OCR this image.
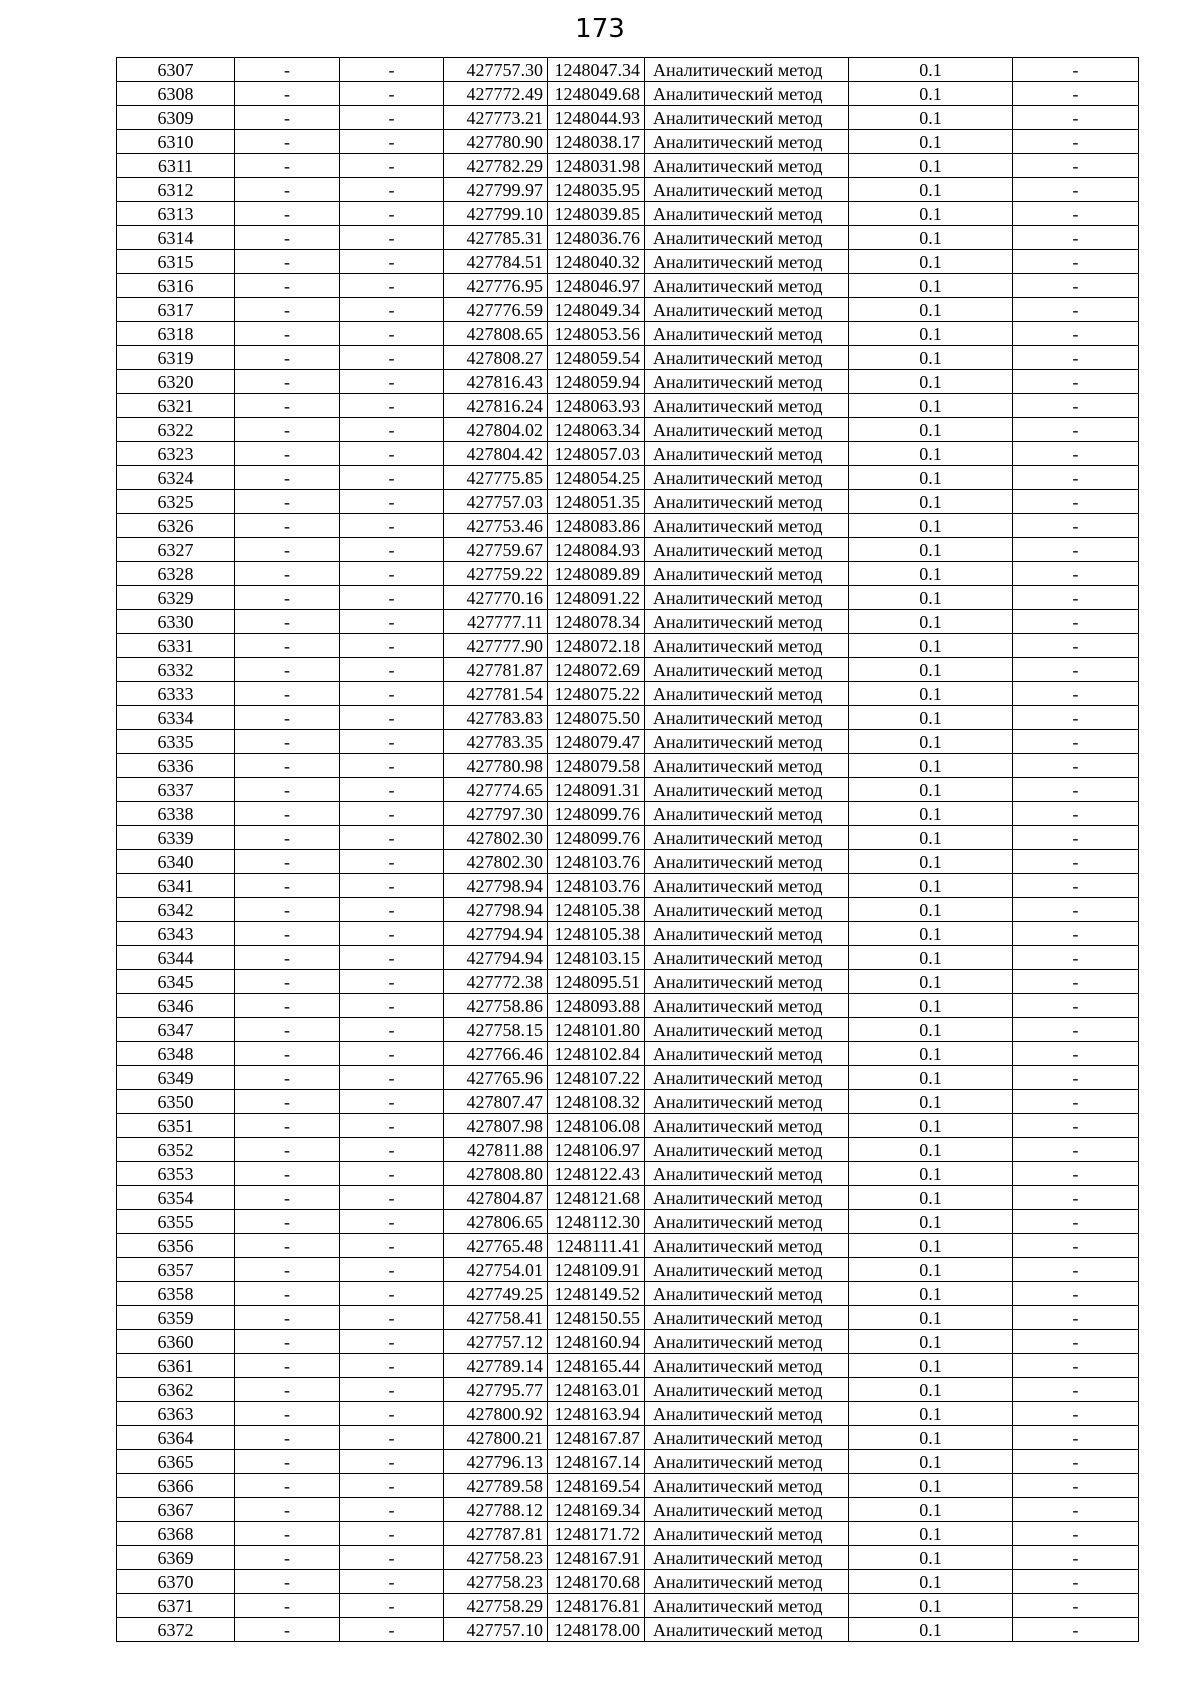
173
6307	-	-	427757.30	1248047.34	Аналитический метод	0.1	-
6308	-	-	427772.49	1248049.68	Аналитический метод	0.1	-
6309	-	-	427773.21	1248044.93	Аналитический метод	0.1	-
6310	-	-	427780.90	1248038.17	Аналитический метод	0.1	-
6311	-	-	427782.29	1248031.98	Аналитический метод	0.1	-
6312	-	-	427799.97	1248035.95	Аналитический метод	0.1	-
6313	-	-	427799.10	1248039.85	Аналитический метод	0.1	-
6314	-	-	427785.31	1248036.76	Аналитический метод	0.1	-
6315	-	-	427784.51	1248040.32	Аналитический метод	0.1	-
6316	-	-	427776.95	1248046.97	Аналитический метод	0.1	-
6317	-	-	427776.59	1248049.34	Аналитический метод	0.1	-
6318	-	-	427808.65	1248053.56	Аналитический метод	0.1	-
6319	-	-	427808.27	1248059.54	Аналитический метод	0.1	-
6320	-	-	427816.43	1248059.94	Аналитический метод	0.1	-
6321	-	-	427816.24	1248063.93	Аналитический метод	0.1	-
6322	-	-	427804.02	1248063.34	Аналитический метод	0.1	-
6323	-	-	427804.42	1248057.03	Аналитический метод	0.1	-
6324	-	-	427775.85	1248054.25	Аналитический метод	0.1	-
6325	-	-	427757.03	1248051.35	Аналитический метод	0.1	-
6326	-	-	427753.46	1248083.86	Аналитический метод	0.1	-
6327	-	-	427759.67	1248084.93	Аналитический метод	0.1	-
6328	-	-	427759.22	1248089.89	Аналитический метод	0.1	-
6329	-	-	427770.16	1248091.22	Аналитический метод	0.1	-
6330	-	-	427777.11	1248078.34	Аналитический метод	0.1	-
6331	-	-	427777.90	1248072.18	Аналитический метод	0.1	-
6332	-	-	427781.87	1248072.69	Аналитический метод	0.1	-
6333	-	-	427781.54	1248075.22	Аналитический метод	0.1	-
6334	-	-	427783.83	1248075.50	Аналитический метод	0.1	-
6335	-	-	427783.35	1248079.47	Аналитический метод	0.1	-
6336	-	-	427780.98	1248079.58	Аналитический метод	0.1	-
6337	-	-	427774.65	1248091.31	Аналитический метод	0.1	-
6338	-	-	427797.30	1248099.76	Аналитический метод	0.1	-
6339	-	-	427802.30	1248099.76	Аналитический метод	0.1	-
6340	-	-	427802.30	1248103.76	Аналитический метод	0.1	-
6341	-	-	427798.94	1248103.76	Аналитический метод	0.1	-
6342	-	-	427798.94	1248105.38	Аналитический метод	0.1	-
6343	-	-	427794.94	1248105.38	Аналитический метод	0.1	-
6344	-	-	427794.94	1248103.15	Аналитический метод	0.1	-
6345	-	-	427772.38	1248095.51	Аналитический метод	0.1	-
6346	-	-	427758.86	1248093.88	Аналитический метод	0.1	-
6347	-	-	427758.15	1248101.80	Аналитический метод	0.1	-
6348	-	-	427766.46	1248102.84	Аналитический метод	0.1	-
6349	-	-	427765.96	1248107.22	Аналитический метод	0.1	-
6350	-	-	427807.47	1248108.32	Аналитический метод	0.1	-
6351	-	-	427807.98	1248106.08	Аналитический метод	0.1	-
6352	-	-	427811.88	1248106.97	Аналитический метод	0.1	-
6353	-	-	427808.80	1248122.43	Аналитический метод	0.1	-
6354	-	-	427804.87	1248121.68	Аналитический метод	0.1	-
6355	-	-	427806.65	1248112.30	Аналитический метод	0.1	-
6356	-	-	427765.48	1248111.41	Аналитический метод	0.1	-
6357	-	-	427754.01	1248109.91	Аналитический метод	0.1	-
6358	-	-	427749.25	1248149.52	Аналитический метод	0.1	-
6359	-	-	427758.41	1248150.55	Аналитический метод	0.1	-
6360	-	-	427757.12	1248160.94	Аналитический метод	0.1	-
6361	-	-	427789.14	1248165.44	Аналитический метод	0.1	-
6362	-	-	427795.77	1248163.01	Аналитический метод	0.1	-
6363	-	-	427800.92	1248163.94	Аналитический метод	0.1	-
6364	-	-	427800.21	1248167.87	Аналитический метод	0.1	-
6365	-	-	427796.13	1248167.14	Аналитический метод	0.1	-
6366	-	-	427789.58	1248169.54	Аналитический метод	0.1	-
6367	-	-	427788.12	1248169.34	Аналитический метод	0.1	-
6368	-	-	427787.81	1248171.72	Аналитический метод	0.1	-
6369	-	-	427758.23	1248167.91	Аналитический метод	0.1	-
6370	-	-	427758.23	1248170.68	Аналитический метод	0.1	-
6371	-	-	427758.29	1248176.81	Аналитический метод	0.1	-
6372	-	-	427757.10	1248178.00	Аналитический метод	0.1	-
